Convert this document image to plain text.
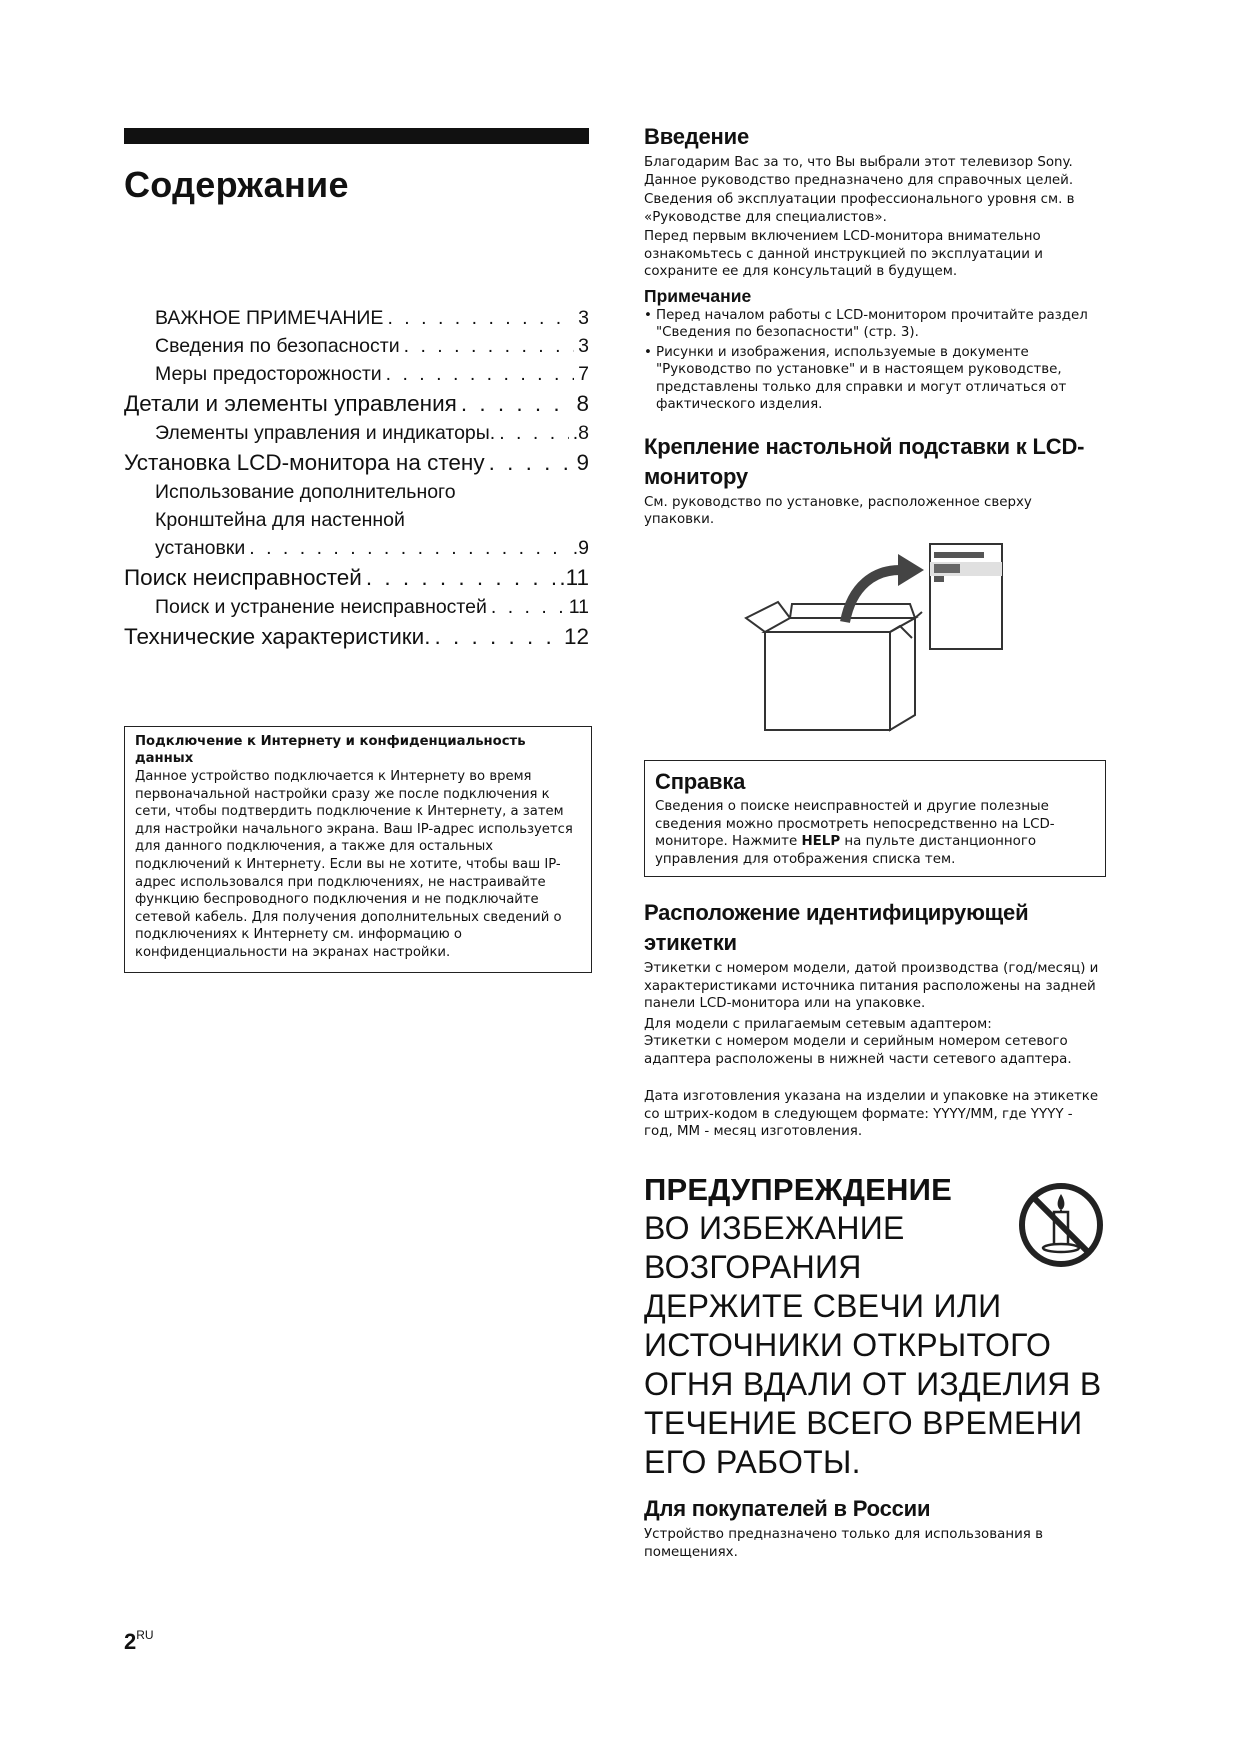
Содержание
ВАЖНОЕ ПРИМЕЧАНИЕ . . .	3
Сведения по безопасности . . .	3
Меры предосторожности . . .	7
Детали и элементы управления . . .	8
Элементы управления и индикаторы. . . .	.8
Установка LCD-монитора на стену . . .	9
Использование дополнительного
Кронштейна для настенной
установки . . .	.9
Поиск неисправностей . . .	.11
Поиск и устранение неисправностей . . .	11
Технические характеристики. . . .	12
Подключение к Интернету и конфиденциальность данных
Данное устройство подключается к Интернету во время первоначальной настройки сразу же после подключения к сети, чтобы подтвердить подключение к Интернету, а затем для настройки начального экрана. Ваш IP-адрес используется для данного подключения, а также для остальных подключений к Интернету. Если вы не хотите, чтобы ваш IP-адрес использовался при подключениях, не настраивайте функцию беспроводного подключения и не подключайте сетевой кабель. Для получения дополнительных сведений о подключениях к Интернету см. информацию о конфиденциальности на экранах настройки.
Введение
Благодарим Вас за то, что Вы выбрали этот телевизор Sony. Данное руководство предназначено для справочных целей.
Сведения об эксплуатации профессионального уровня см. в «Руководстве для специалистов».
Перед первым включением LCD-монитора внимательно ознакомьтесь с данной инструкцией по эксплуатации и сохраните ее для консультаций в будущем.
Примечание
• Перед началом работы с LCD-монитором прочитайте раздел "Сведения по безопасности" (стр. 3).
• Рисунки и изображения, используемые в документе "Руководство по установке" и в настоящем руководстве, представлены только для справки и могут отличаться от фактического изделия.
Крепление настольной подставки к LCD-монитору
См. руководство по установке, расположенное сверху упаковки.
Справка
Сведения о поиске неисправностей и другие полезные сведения можно просмотреть непосредственно на LCD-мониторе. Нажмите HELP на пульте дистанционного управления для отображения списка тем.
Расположение идентифицирующей этикетки
Этикетки с номером модели, датой производства (год/месяц) и характеристиками источника питания расположены на задней панели LCD-монитора или на упаковке.
Для модели с прилагаемым сетевым адаптером:
Этикетки с номером модели и серийным номером сетевого адаптера расположены в нижней части сетевого адаптера.
Дата изготовления указана на изделии и упаковке на этикетке со штрих-кодом в следующем формате: YYYY/MM, где YYYY - год, MM - месяц изготовления.
ПРЕДУПРЕЖДЕНИЕ
ВО ИЗБЕЖАНИЕ
ВОЗГОРАНИЯ
ДЕРЖИТЕ СВЕЧИ ИЛИ
ИСТОЧНИКИ ОТКРЫТОГО
ОГНЯ ВДАЛИ ОТ ИЗДЕЛИЯ В
ТЕЧЕНИЕ ВСЕГО ВРЕМЕНИ
ЕГО РАБОТЫ.
Для покупателей в России
Устройство предназначено только для использования в помещениях.
$2^{RU}$
